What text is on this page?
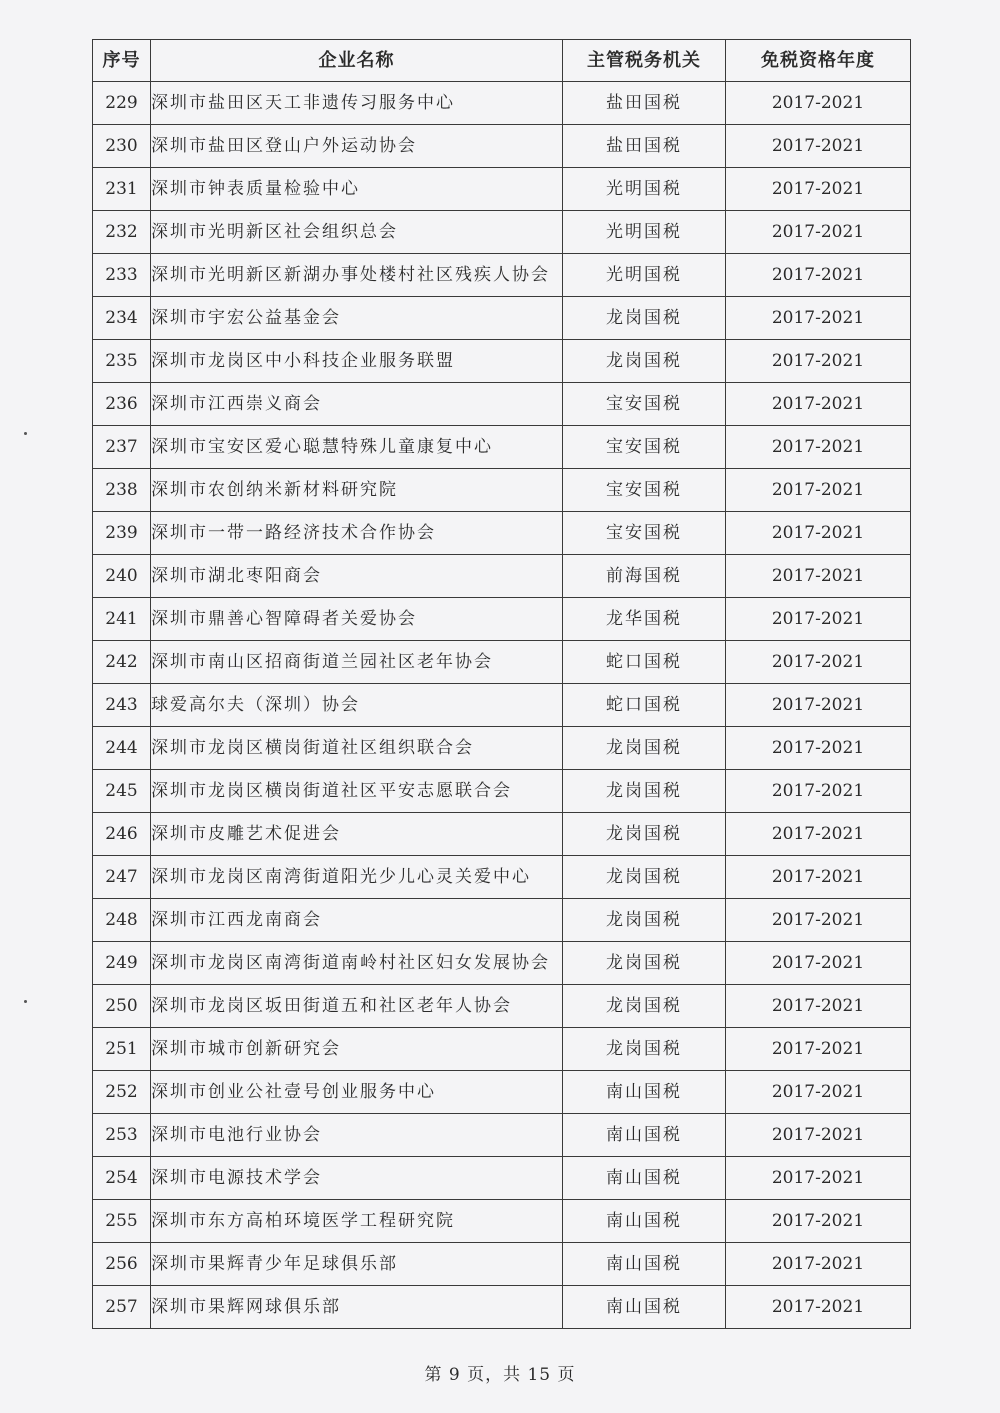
序号	企业名称	主管税务机关	免税资格年度
229	深圳市盐田区天工非遗传习服务中心	盐田国税	2017-2021
230	深圳市盐田区登山户外运动协会	盐田国税	2017-2021
231	深圳市钟表质量检验中心	光明国税	2017-2021
232	深圳市光明新区社会组织总会	光明国税	2017-2021
233	深圳市光明新区新湖办事处楼村社区残疾人协会	光明国税	2017-2021
234	深圳市宇宏公益基金会	龙岗国税	2017-2021
235	深圳市龙岗区中小科技企业服务联盟	龙岗国税	2017-2021
236	深圳市江西崇义商会	宝安国税	2017-2021
237	深圳市宝安区爱心聪慧特殊儿童康复中心	宝安国税	2017-2021
238	深圳市农创纳米新材料研究院	宝安国税	2017-2021
239	深圳市一带一路经济技术合作协会	宝安国税	2017-2021
240	深圳市湖北枣阳商会	前海国税	2017-2021
241	深圳市鼎善心智障碍者关爱协会	龙华国税	2017-2021
242	深圳市南山区招商街道兰园社区老年协会	蛇口国税	2017-2021
243	球爱高尔夫（深圳）协会	蛇口国税	2017-2021
244	深圳市龙岗区横岗街道社区组织联合会	龙岗国税	2017-2021
245	深圳市龙岗区横岗街道社区平安志愿联合会	龙岗国税	2017-2021
246	深圳市皮雕艺术促进会	龙岗国税	2017-2021
247	深圳市龙岗区南湾街道阳光少儿心灵关爱中心	龙岗国税	2017-2021
248	深圳市江西龙南商会	龙岗国税	2017-2021
249	深圳市龙岗区南湾街道南岭村社区妇女发展协会	龙岗国税	2017-2021
250	深圳市龙岗区坂田街道五和社区老年人协会	龙岗国税	2017-2021
251	深圳市城市创新研究会	龙岗国税	2017-2021
252	深圳市创业公社壹号创业服务中心	南山国税	2017-2021
253	深圳市电池行业协会	南山国税	2017-2021
254	深圳市电源技术学会	南山国税	2017-2021
255	深圳市东方高柏环境医学工程研究院	南山国税	2017-2021
256	深圳市果辉青少年足球俱乐部	南山国税	2017-2021
257	深圳市果辉网球俱乐部	南山国税	2017-2021
第 9 页，共 15 页
